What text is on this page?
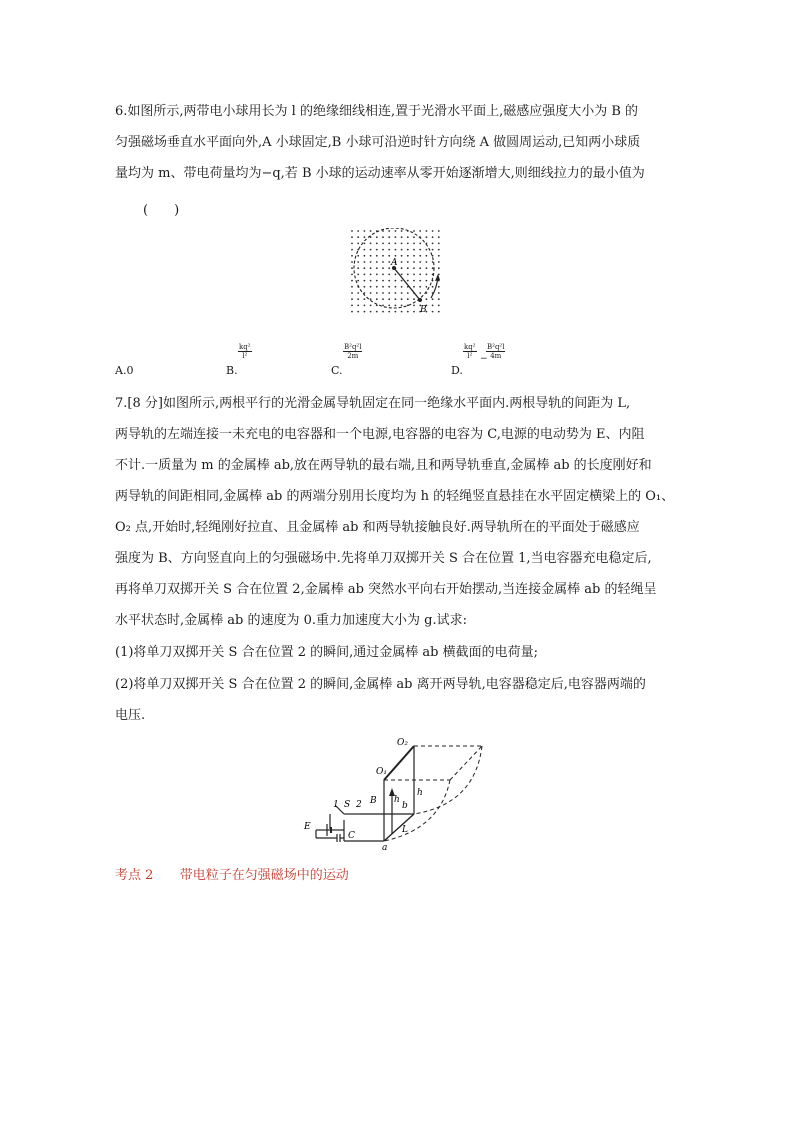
6.如图所示,两带电小球用长为 l 的绝缘细线相连,置于光滑水平面上,磁感应强度大小为 B 的
匀强磁场垂直水平面向外,A 小球固定,B 小球可沿逆时针方向绕 A 做圆周运动,已知两小球质
量均为 m、带电荷量均为−q,若 B 小球的运动速率从零开始逐渐增大,则细线拉力的最小值为
(　　)
A
B
A.0	B.
$\frac{\text{kq²}}{\text{l²}}$
C.
$\frac{\text{B²q²l}}{2m}$
D.
$\frac{\text{kq²}}{\text{l²}}$ −
$\frac{\text{B²q²l}}{4m}$
7.[8 分]如图所示,两根平行的光滑金属导轨固定在同一绝缘水平面内.两根导轨的间距为 L,
两导轨的左端连接一未充电的电容器和一个电源,电容器的电容为 C,电源的电动势为 E、内阻
不计.一质量为 m 的金属棒 ab,放在两导轨的最右端,且和两导轨垂直,金属棒 ab 的长度刚好和
两导轨的间距相同,金属棒 ab 的两端分别用长度均为 h 的轻绳竖直悬挂在水平固定横梁上的 O₁、
O₂ 点,开始时,轻绳刚好拉直、且金属棒 ab 和两导轨接触良好.两导轨所在的平面处于磁感应
强度为 B、方向竖直向上的匀强磁场中.先将单刀双掷开关 S 合在位置 1,当电容器充电稳定后,
再将单刀双掷开关 S 合在位置 2,金属棒 ab 突然水平向右开始摆动,当连接金属棒 ab 的轻绳呈
水平状态时,金属棒 ab 的速度为 0.重力加速度大小为 g.试求:
(1)将单刀双掷开关 S 合在位置 2 的瞬间,通过金属棒 ab 横截面的电荷量;
(2)将单刀双掷开关 S 合在位置 2 的瞬间,金属棒 ab 离开两导轨,电容器稳定后,电容器两端的
电压.
O₂
O₁
B h
h
b
a
L
S
1 2
E
C
考点 2 带电粒子在匀强磁场中的运动
